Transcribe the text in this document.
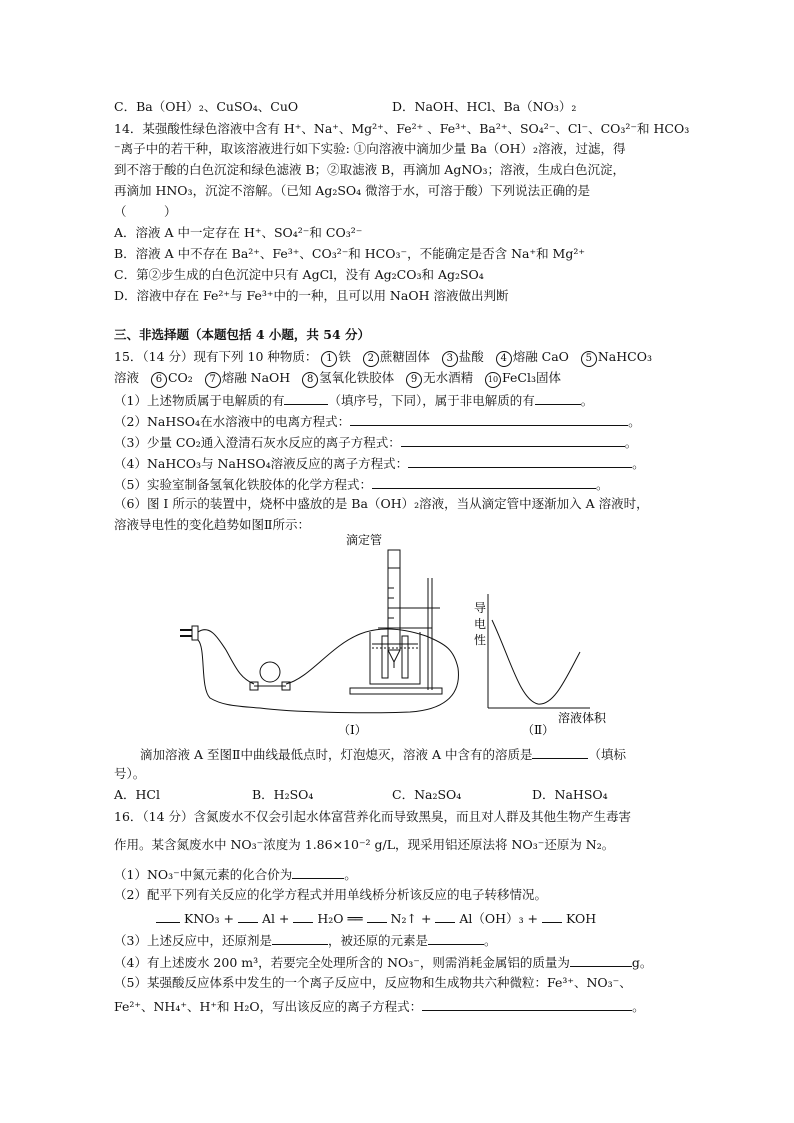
C．Ba（OH）₂、CuSO₄、CuO	D．NaOH、HCl、Ba（NO₃）₂
14．某强酸性绿色溶液中含有 H⁺、Na⁺、Mg²⁺、Fe²⁺ 、Fe³⁺、Ba²⁺、SO₄²⁻、Cl⁻、CO₃²⁻和 HCO₃
⁻离子中的若干种，取该溶液进行如下实验: ①向溶液中滴加少量 Ba（OH）₂溶液，过滤，得
到不溶于酸的白色沉淀和绿色滤液 B；②取滤液 B，再滴加 AgNO₃；溶液，生成白色沉淀，
再滴加 HNO₃，沉淀不溶解。（已知 Ag₂SO₄ 微溶于水，可溶于酸）下列说法正确的是
（　　　）
A．溶液 A 中一定存在 H⁺、SO₄²⁻和 CO₃²⁻
B．溶液 A 中不存在 Ba²⁺、Fe³⁺、CO₃²⁻和 HCO₃⁻，不能确定是否含 Na⁺和 Mg²⁺
C．第②步生成的白色沉淀中只有 AgCl，没有 Ag₂CO₃和 Ag₂SO₄
D．溶液中存在 Fe²⁺与 Fe³⁺中的一种，且可以用 NaOH 溶液做出判断
三、非选择题（本题包括 4 小题，共 54 分）
15．（14 分）现有下列 10 种物质： 1 铁 2 蔗糖固体 3 盐酸 4 熔融 CaO 5 NaHCO₃
溶液 6 CO₂ 7 熔融 NaOH 8 氢氧化铁胶体 9 无水酒精 10 FeCl₃固体
（1）上述物质属于电解质的有	（填序号，下同），属于非电解质的有	。
（2）NaHSO₄在水溶液中的电离方程式：	。
（3）少量 CO₂通入澄清石灰水反应的离子方程式：	。
（4）NaHCO₃与 NaHSO₄溶液反应的离子方程式：	。
（5）实验室制备氢氧化铁胶体的化学方程式：	。
（6）图 I 所示的装置中，烧杯中盛放的是 Ba（OH）₂溶液，当从滴定管中逐渐加入 A 溶液时，
溶液导电性的变化趋势如图Ⅱ所示：
滴定管
（Ⅰ）
导
电
性
溶液体积
（Ⅱ）
滴加溶液 A 至图Ⅱ中曲线最低点时，灯泡熄灭，溶液 A 中含有的溶质是	（填标
号）。
A．HCl	B．H₂SO₄	C．Na₂SO₄	D．NaHSO₄
16．（14 分）含氮废水不仅会引起水体富营养化而导致黑臭，而且对人群及其他生物产生毒害
作用。某含氮废水中 NO₃⁻浓度为 1.86×10⁻² g/L，现采用铝还原法将 NO₃⁻还原为 N₂。
（1）NO₃⁻中氮元素的化合价为	。
（2）配平下列有关反应的化学方程式并用单线桥分析该反应的电子转移情况。
KNO₃ + Al + H₂O ══ N₂↑ + Al（OH）₃ + KOH
（3）上述反应中，还原剂是	，被还原的元素是	。
（4）有上述废水 200 m³，若要完全处理所含的 NO₃⁻，则需消耗金属铝的质量为	g。
（5）某强酸反应体系中发生的一个离子反应中，反应物和生成物共六种微粒：Fe³⁺、NO₃⁻、
Fe²⁺、NH₄⁺、H⁺和 H₂O，写出该反应的离子方程式：	。
